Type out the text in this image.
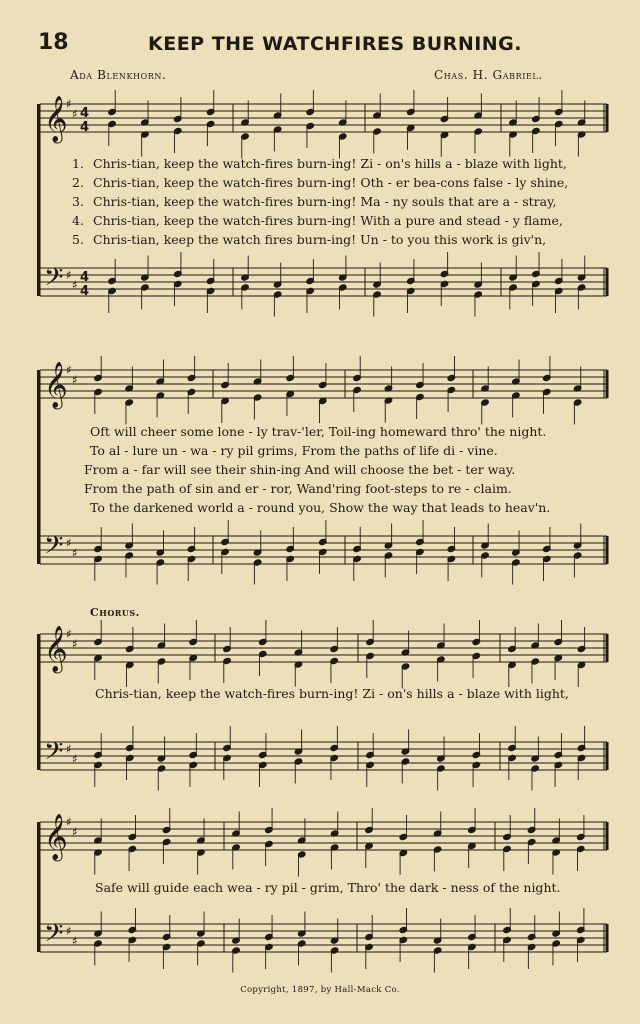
18	KEEP THE WATCHFIRES BURNING.
Ada Blenkhorn.	Chas. H. Gabriel.
𝄞
𝄢
♯
♯
♯
♯
4
4
4
4
𝄞
𝄢
♯
♯
♯
♯
𝄞
𝄢
♯
♯
♯
♯
𝄞
𝄢
♯
♯
♯
♯
1. Chris-tian, keep the watch-fires burn-ing! Zi - on's hills a - blaze with light,
2. Chris-tian, keep the watch-fires burn-ing! Oth - er bea-cons false - ly shine,
3. Chris-tian, keep the watch-fires burn-ing! Ma - ny souls that are a - stray,
4. Chris-tian, keep the watch-fires burn-ing! With a pure and stead - y flame,
5. Chris-tian, keep the watch fires burn-ing! Un - to you this work is giv'n,
Oft will cheer some lone - ly trav-'ler, Toil-ing homeward thro' the night.
To al - lure un - wa - ry pil grims, From the paths of life di - vine.
From a - far will see their shin-ing And will choose the bet - ter way.
From the path of sin and er - ror, Wand'ring foot-steps to re - claim.
To the darkened world a - round you, Show the way that leads to heav'n.
Chorus.
Chris-tian, keep the watch-fires burn-ing! Zi - on's hills a - blaze with light,
Safe will guide each wea - ry pil - grim, Thro' the dark - ness of the night.
Copyright, 1897, by Hall-Mack Co.
